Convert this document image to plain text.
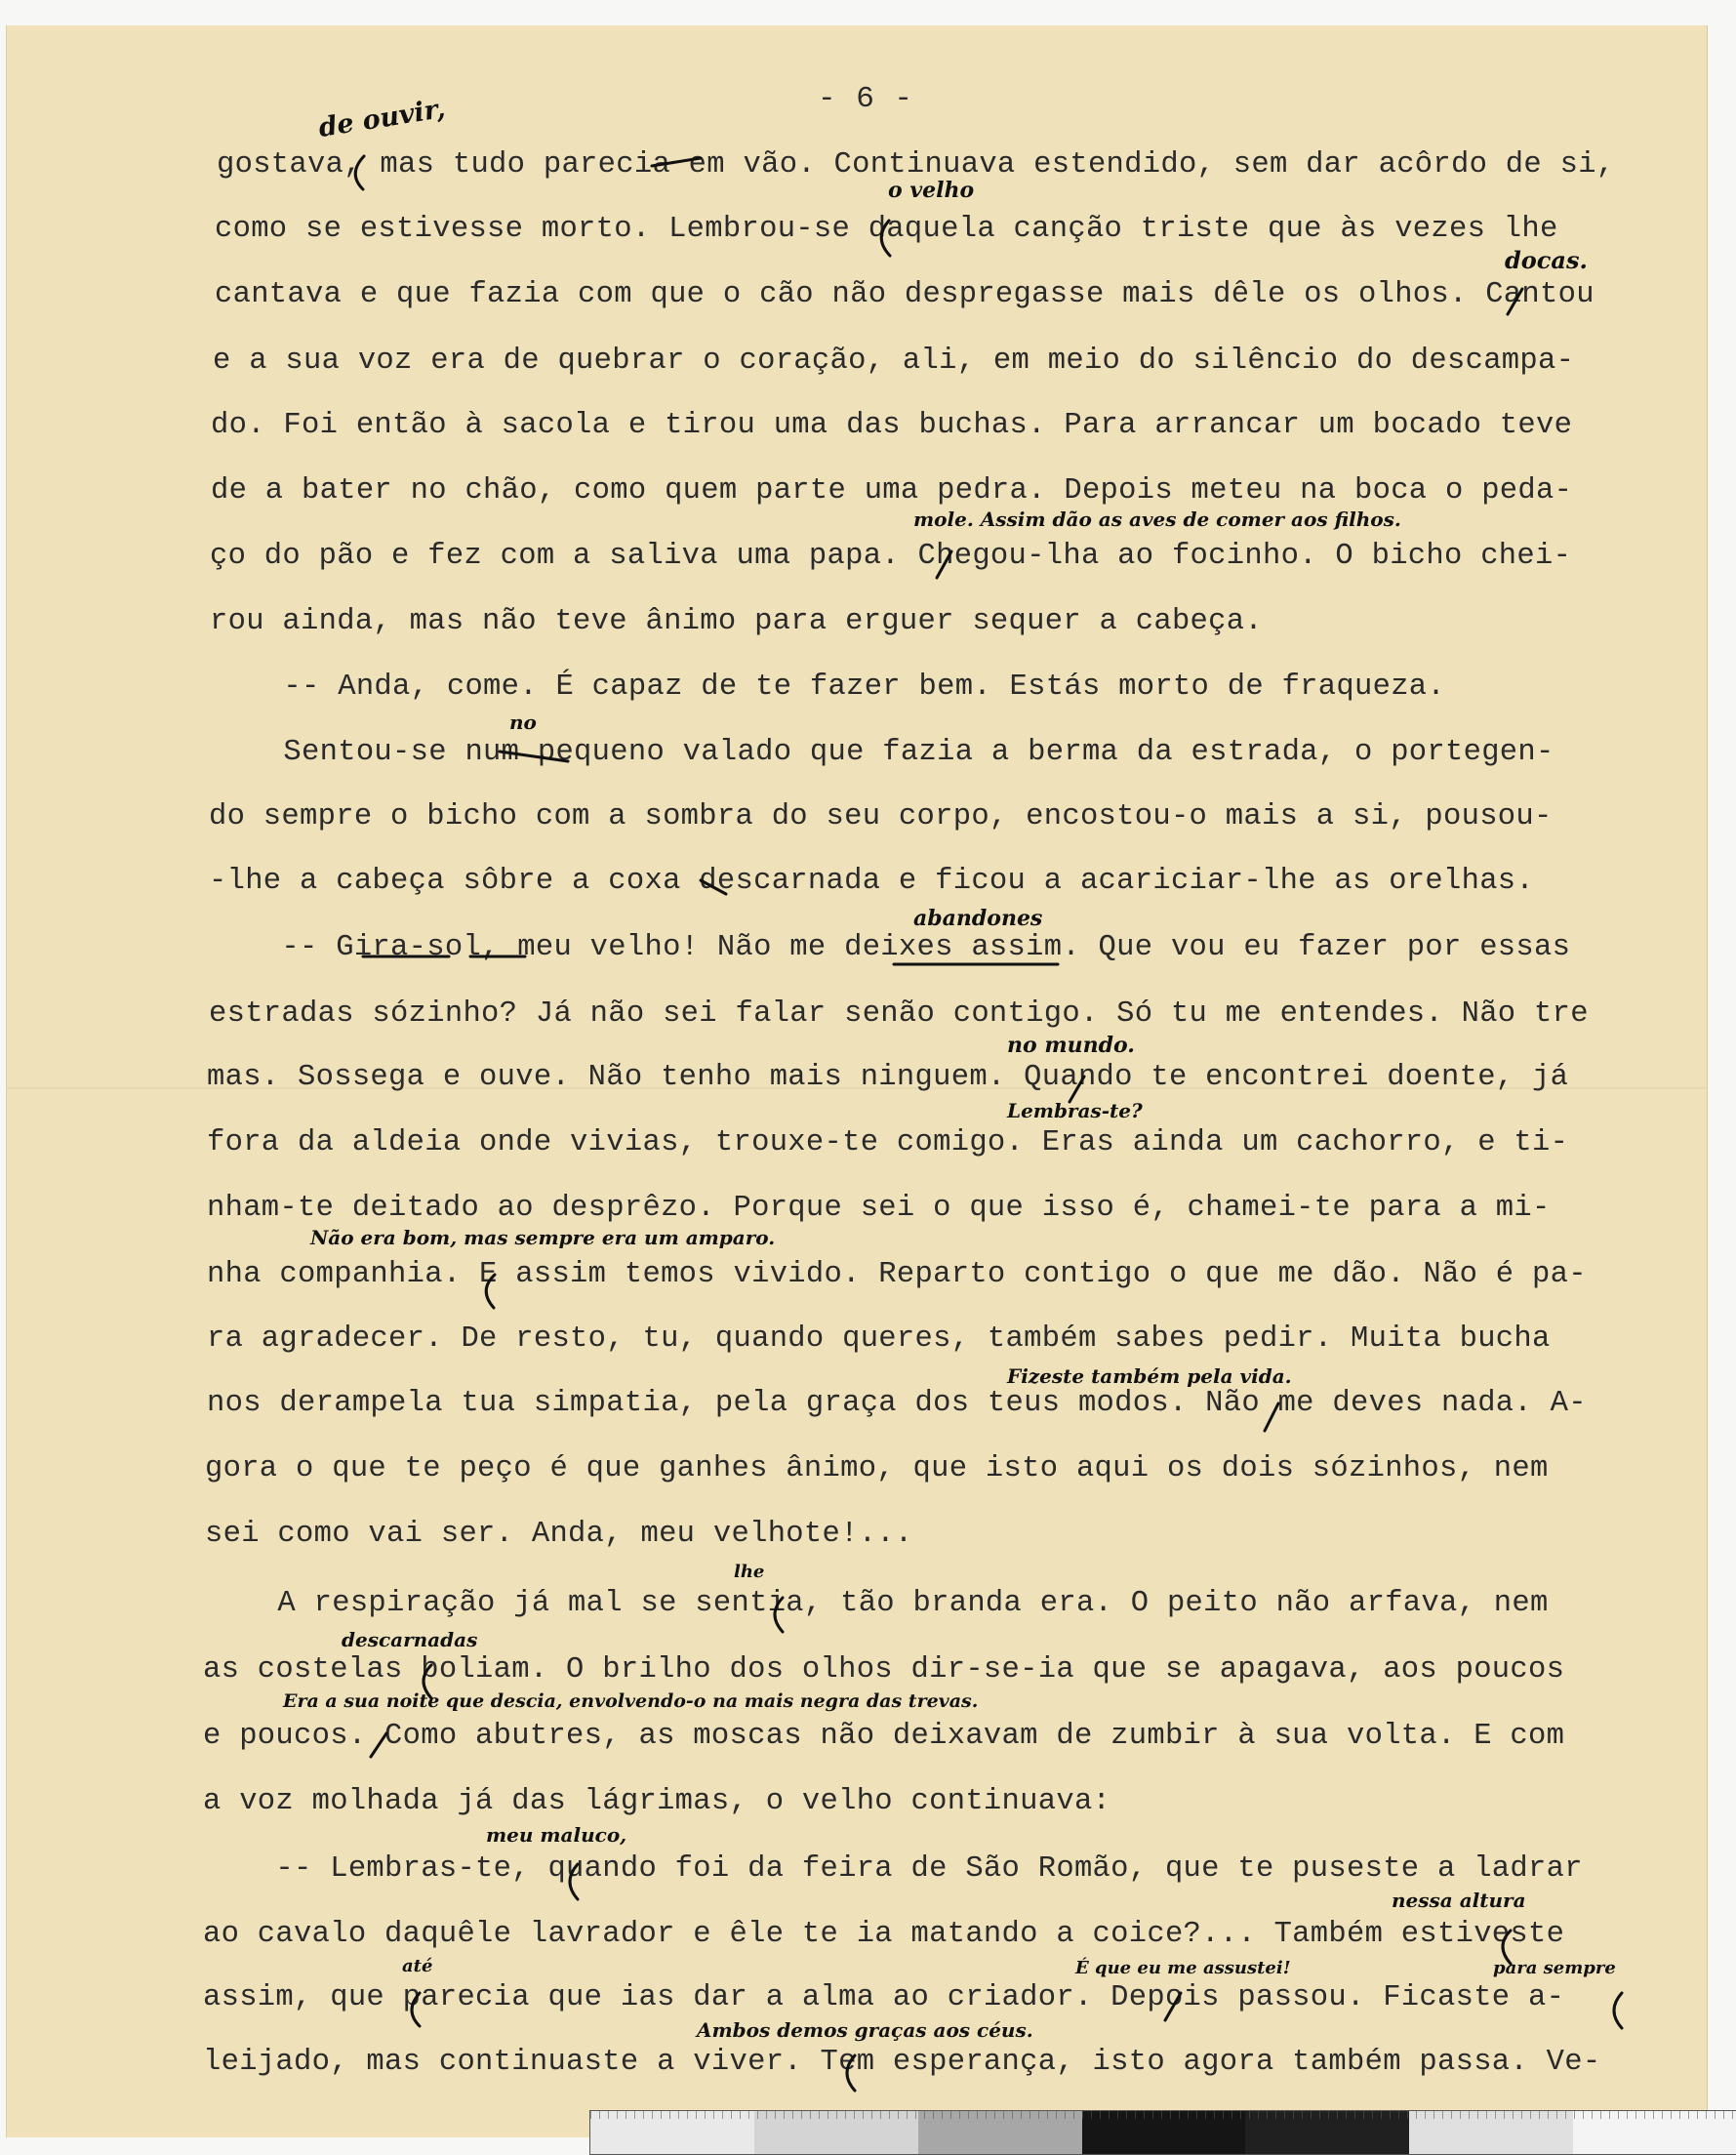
- 6 -

gostava, mas tudo parecia em vão. Continuava estendido, sem dar acôrdo de si,

como se estivesse morto. Lembrou-se daquela canção triste que às vezes lhe

cantava e que fazia com que o cão não despregasse mais dêle os olhos. Cantou

e a sua voz era de quebrar o coração, ali, em meio do silêncio do descampa-

do. Foi então à sacola e tirou uma das buchas. Para arrancar um bocado teve

de a bater no chão, como quem parte uma pedra. Depois meteu na boca o peda-

ço do pão e fez com a saliva uma papa. Chegou-lha ao focinho. O bicho chei-

rou ainda, mas não teve ânimo para erguer sequer a cabeça.

-- Anda, come. É capaz de te fazer bem. Estás morto de fraqueza.

Sentou-se num pequeno valado que fazia a berma da estrada, o portegen-

do sempre o bicho com a sombra do seu corpo, encostou-o mais a si, pousou-

-lhe a cabeça sôbre a coxa descarnada e ficou a acariciar-lhe as orelhas.

-- Gira-sol, meu velho! Não me deixes assim. Que vou eu fazer por essas

estradas sózinho? Já não sei falar senão contigo. Só tu me entendes. Não tre

mas. Sossega e ouve. Não tenho mais ninguem. Quando te encontrei doente, já

fora da aldeia onde vivias, trouxe-te comigo. Eras ainda um cachorro, e ti-

nham-te deitado ao desprêzo. Porque sei o que isso é, chamei-te para a mi-

nha companhia. E assim temos vivido. Reparto contigo o que me dão. Não é pa-

ra agradecer. De resto, tu, quando queres, também sabes pedir. Muita bucha

nos derampela tua simpatia, pela graça dos teus modos. Não me deves nada. A-

gora o que te peço é que ganhes ânimo, que isto aqui os dois sózinhos, nem

sei como vai ser. Anda, meu velhote!...

A respiração já mal se sentia, tão branda era. O peito não arfava, nem

as costelas boliam. O brilho dos olhos dir-se-ia que se apagava, aos poucos

e poucos. Como abutres, as moscas não deixavam de zumbir à sua volta. E com

a voz molhada já das lágrimas, o velho continuava:

-- Lembras-te, quando foi da feira de São Romão, que te puseste a ladrar

ao cavalo daquêle lavrador e êle te ia matando a coice?... Também estiveste

assim, que parecia que ias dar a alma ao criador. Depois passou. Ficaste a-

leijado, mas continuaste a viver. Tem esperança, isto agora também passa. Ve-

de ouvir,

o velho

docas.

mole. Assim dão as aves de comer aos filhos.

no

abandones

no mundo.

Lembras-te?

Não era bom, mas sempre era um amparo.

Fizeste também pela vida.

lhe

descarnadas

Era a sua noite que descia, envolvendo-o na mais negra das trevas.

meu maluco,

nessa altura

até	É que eu me assustei!	para sempre

Ambos demos graças aos céus.
